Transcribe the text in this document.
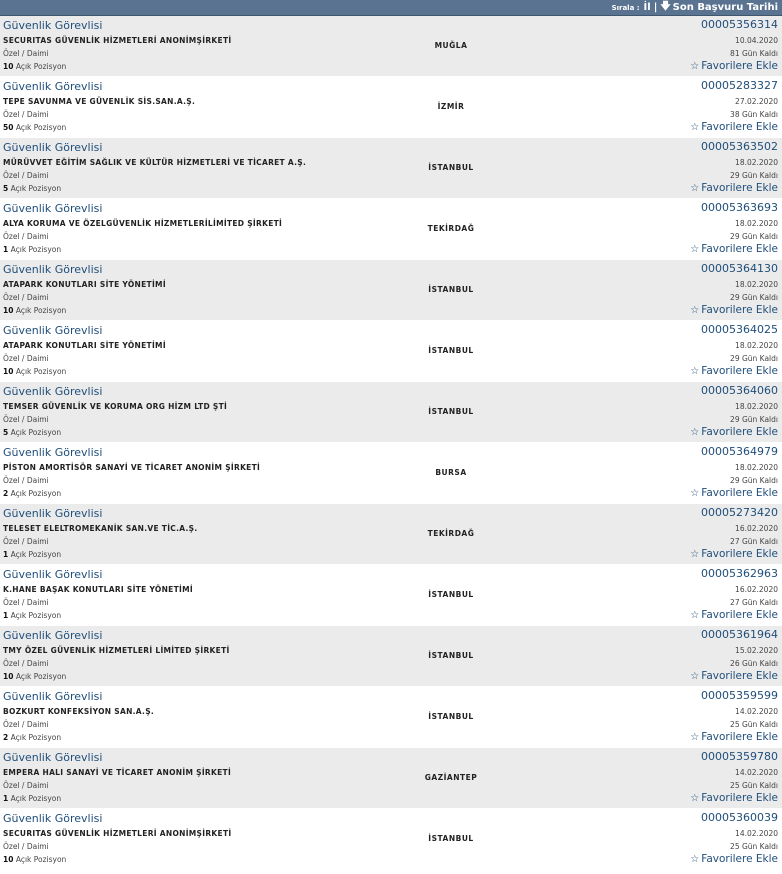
Sırala : İl | 🡇 Son Başvuru Tarihi
Güvenlik Görevlisi
SECURITAS GÜVENLİK HİZMETLERİ ANONİMŞİRKETİ
Özel / Daimi
10 Açık Pozisyon
MUĞLA
00005356314
10.04.2020
81 Gün Kaldı
☆ Favorilere Ekle
Güvenlik Görevlisi
TEPE SAVUNMA VE GÜVENLİK SİS.SAN.A.Ş.
Özel / Daimi
50 Açık Pozisyon
İZMİR
00005283327
27.02.2020
38 Gün Kaldı
☆ Favorilere Ekle
Güvenlik Görevlisi
MÜRÜVVET EĞİTİM SAĞLIK VE KÜLTÜR HİZMETLERİ VE TİCARET A.Ş.
Özel / Daimi
5 Açık Pozisyon
İSTANBUL
00005363502
18.02.2020
29 Gün Kaldı
☆ Favorilere Ekle
Güvenlik Görevlisi
ALYA KORUMA VE ÖZELGÜVENLİK HİZMETLERİLİMİTED ŞİRKETİ
Özel / Daimi
1 Açık Pozisyon
TEKİRDAĞ
00005363693
18.02.2020
29 Gün Kaldı
☆ Favorilere Ekle
Güvenlik Görevlisi
ATAPARK KONUTLARI SİTE YÖNETİMİ
Özel / Daimi
10 Açık Pozisyon
İSTANBUL
00005364130
18.02.2020
29 Gün Kaldı
☆ Favorilere Ekle
Güvenlik Görevlisi
ATAPARK KONUTLARI SİTE YÖNETİMİ
Özel / Daimi
10 Açık Pozisyon
İSTANBUL
00005364025
18.02.2020
29 Gün Kaldı
☆ Favorilere Ekle
Güvenlik Görevlisi
TEMSER GÜVENLİK VE KORUMA ORG HİZM LTD ŞTİ
Özel / Daimi
5 Açık Pozisyon
İSTANBUL
00005364060
18.02.2020
29 Gün Kaldı
☆ Favorilere Ekle
Güvenlik Görevlisi
PİSTON AMORTİSÖR SANAYİ VE TİCARET ANONİM ŞİRKETİ
Özel / Daimi
2 Açık Pozisyon
BURSA
00005364979
18.02.2020
29 Gün Kaldı
☆ Favorilere Ekle
Güvenlik Görevlisi
TELESET ELELTROMEKANİK SAN.VE TİC.A.Ş.
Özel / Daimi
1 Açık Pozisyon
TEKİRDAĞ
00005273420
16.02.2020
27 Gün Kaldı
☆ Favorilere Ekle
Güvenlik Görevlisi
K.HANE BAŞAK KONUTLARI SİTE YÖNETİMİ
Özel / Daimi
1 Açık Pozisyon
İSTANBUL
00005362963
16.02.2020
27 Gün Kaldı
☆ Favorilere Ekle
Güvenlik Görevlisi
TMY ÖZEL GÜVENLİK HİZMETLERİ LİMİTED ŞİRKETİ
Özel / Daimi
10 Açık Pozisyon
İSTANBUL
00005361964
15.02.2020
26 Gün Kaldı
☆ Favorilere Ekle
Güvenlik Görevlisi
BOZKURT KONFEKSİYON SAN.A.Ş.
Özel / Daimi
2 Açık Pozisyon
İSTANBUL
00005359599
14.02.2020
25 Gün Kaldı
☆ Favorilere Ekle
Güvenlik Görevlisi
EMPERA HALI SANAYİ VE TİCARET ANONİM ŞİRKETİ
Özel / Daimi
1 Açık Pozisyon
GAZİANTEP
00005359780
14.02.2020
25 Gün Kaldı
☆ Favorilere Ekle
Güvenlik Görevlisi
SECURITAS GÜVENLİK HİZMETLERİ ANONİMŞİRKETİ
Özel / Daimi
10 Açık Pozisyon
İSTANBUL
00005360039
14.02.2020
25 Gün Kaldı
☆ Favorilere Ekle
